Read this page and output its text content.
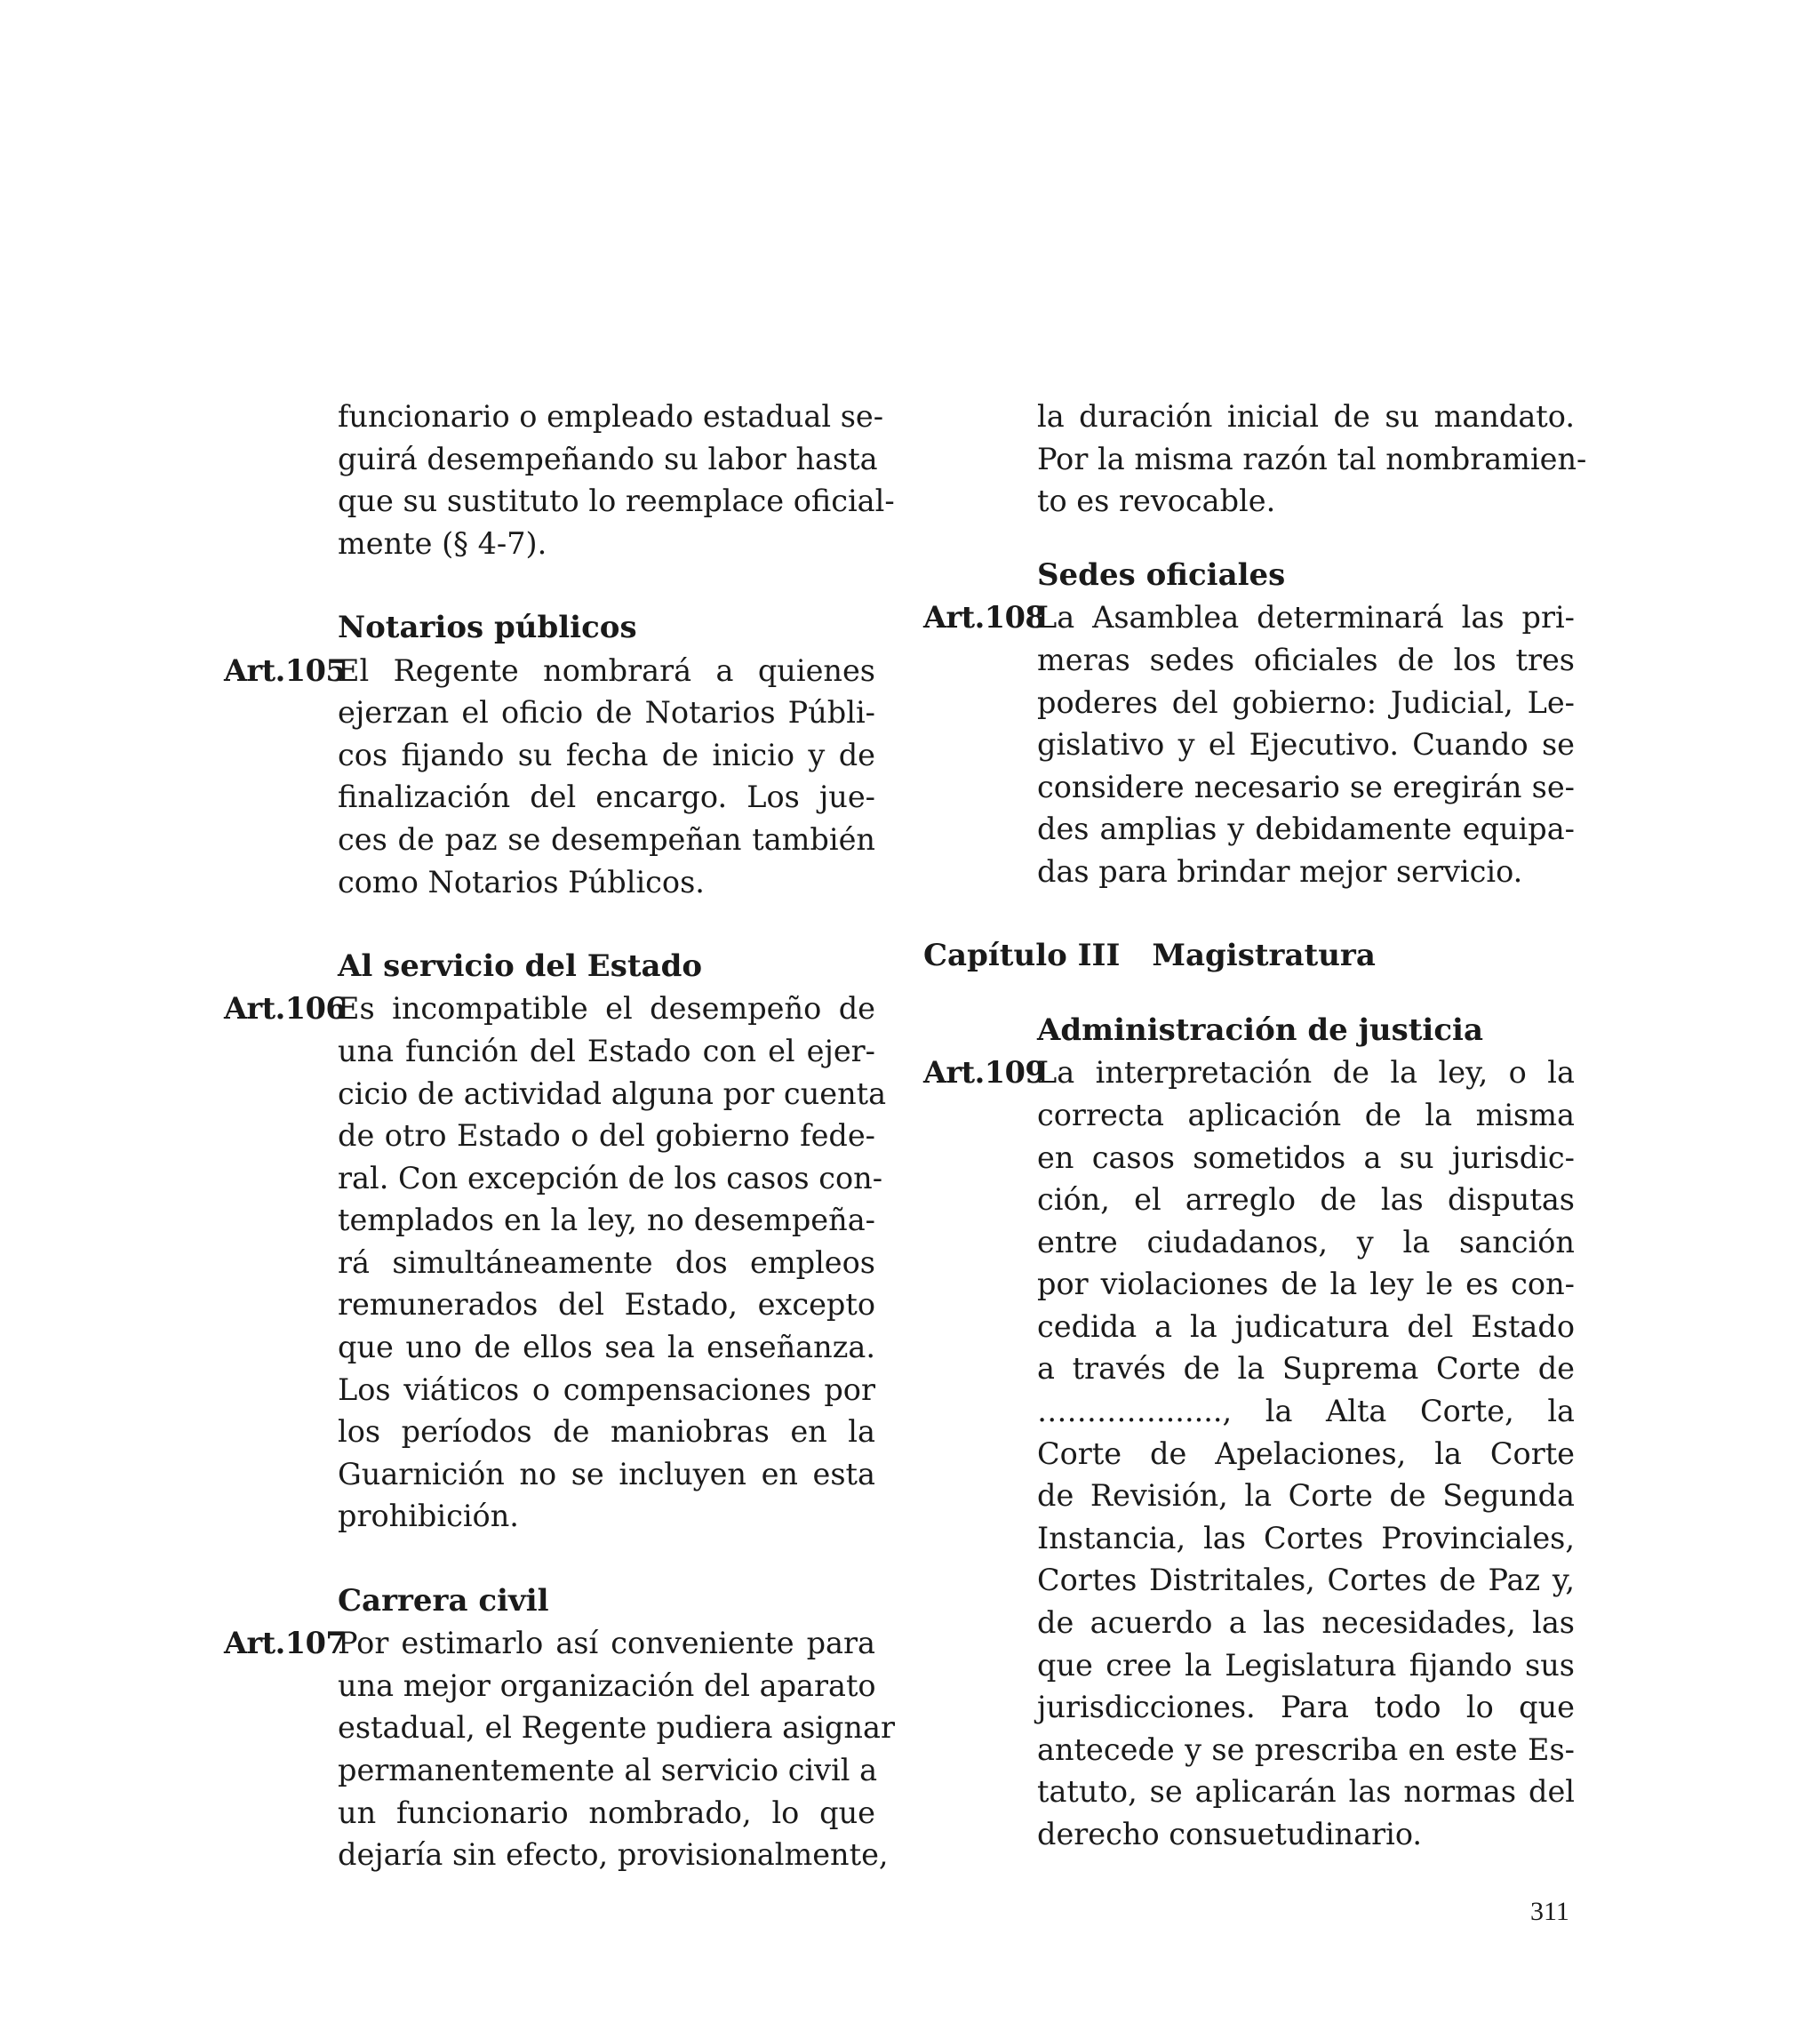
funcionario o empleado estadual se-
guirá desempeñando su labor hasta
que su sustituto lo reemplace oficial-
mente (§ 4-7).
Notarios públicos
Art.105
El Regente nombrará a quienes
ejerzan el oficio de Notarios Públi-
cos fijando su fecha de inicio y de
finalización del encargo. Los jue-
ces de paz se desempeñan también
como Notarios Públicos.
Al servicio del Estado
Art.106
Es incompatible el desempeño de
una función del Estado con el ejer-
cicio de actividad alguna por cuenta
de otro Estado o del gobierno fede-
ral. Con excepción de los casos con-
templados en la ley, no desempeña-
rá simultáneamente dos empleos
remunerados del Estado, excepto
que uno de ellos sea la enseñanza.
Los viáticos o compensaciones por
los períodos de maniobras en la
Guarnición no se incluyen en esta
prohibición.
Carrera civil
Art.107
Por estimarlo así conveniente para
una mejor organización del aparato
estadual, el Regente pudiera asignar
permanentemente al servicio civil a
un funcionario nombrado, lo que
dejaría sin efecto, provisionalmente,
la duración inicial de su mandato.
Por la misma razón tal nombramien-
to es revocable.
Sedes oficiales
Art.108
La Asamblea determinará las pri-
meras sedes oficiales de los tres
poderes del gobierno: Judicial, Le-
gislativo y el Ejecutivo. Cuando se
considere necesario se eregirán se-
des amplias y debidamente equipa-
das para brindar mejor servicio.
Capítulo III Magistratura
Administración de justicia
Art.109
La interpretación de la ley, o la
correcta aplicación de la misma
en casos sometidos a su jurisdic-
ción, el arreglo de las disputas
entre ciudadanos, y la sanción
por violaciones de la ley le es con-
cedida a la judicatura del Estado
a través de la Suprema Corte de
…………......., la Alta Corte, la
Corte de Apelaciones, la Corte
de Revisión, la Corte de Segunda
Instancia, las Cortes Provinciales,
Cortes Distritales, Cortes de Paz y,
de acuerdo a las necesidades, las
que cree la Legislatura fijando sus
jurisdicciones. Para todo lo que
antecede y se prescriba en este Es-
tatuto, se aplicarán las normas del
derecho consuetudinario.
311
